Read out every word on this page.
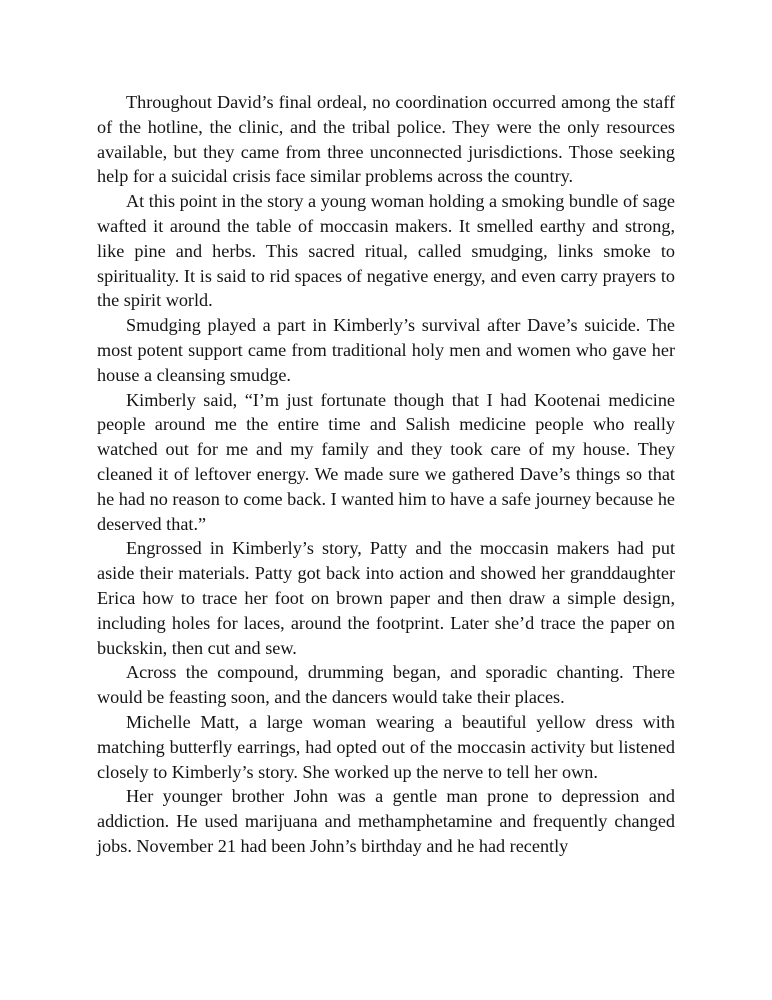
Throughout David’s final ordeal, no coordination occurred among the staff of the hotline, the clinic, and the tribal police. They were the only resources available, but they came from three unconnected jurisdictions. Those seeking help for a suicidal crisis face similar problems across the country.

At this point in the story a young woman holding a smoking bundle of sage wafted it around the table of moccasin makers. It smelled earthy and strong, like pine and herbs. This sacred ritual, called smudging, links smoke to spirituality. It is said to rid spaces of negative energy, and even carry prayers to the spirit world.

Smudging played a part in Kimberly’s survival after Dave’s suicide. The most potent support came from traditional holy men and women who gave her house a cleansing smudge.

Kimberly said, “I’m just fortunate though that I had Kootenai medicine people around me the entire time and Salish medicine people who really watched out for me and my family and they took care of my house. They cleaned it of leftover energy. We made sure we gathered Dave’s things so that he had no reason to come back. I wanted him to have a safe journey because he deserved that.”

Engrossed in Kimberly’s story, Patty and the moccasin makers had put aside their materials. Patty got back into action and showed her granddaughter Erica how to trace her foot on brown paper and then draw a simple design, including holes for laces, around the footprint. Later she’d trace the paper on buckskin, then cut and sew.

Across the compound, drumming began, and sporadic chanting. There would be feasting soon, and the dancers would take their places.

Michelle Matt, a large woman wearing a beautiful yellow dress with matching butterfly earrings, had opted out of the moccasin activity but listened closely to Kimberly’s story. She worked up the nerve to tell her own.

Her younger brother John was a gentle man prone to depression and addiction. He used marijuana and methamphetamine and frequently changed jobs. November 21 had been John’s birthday and he had recently
